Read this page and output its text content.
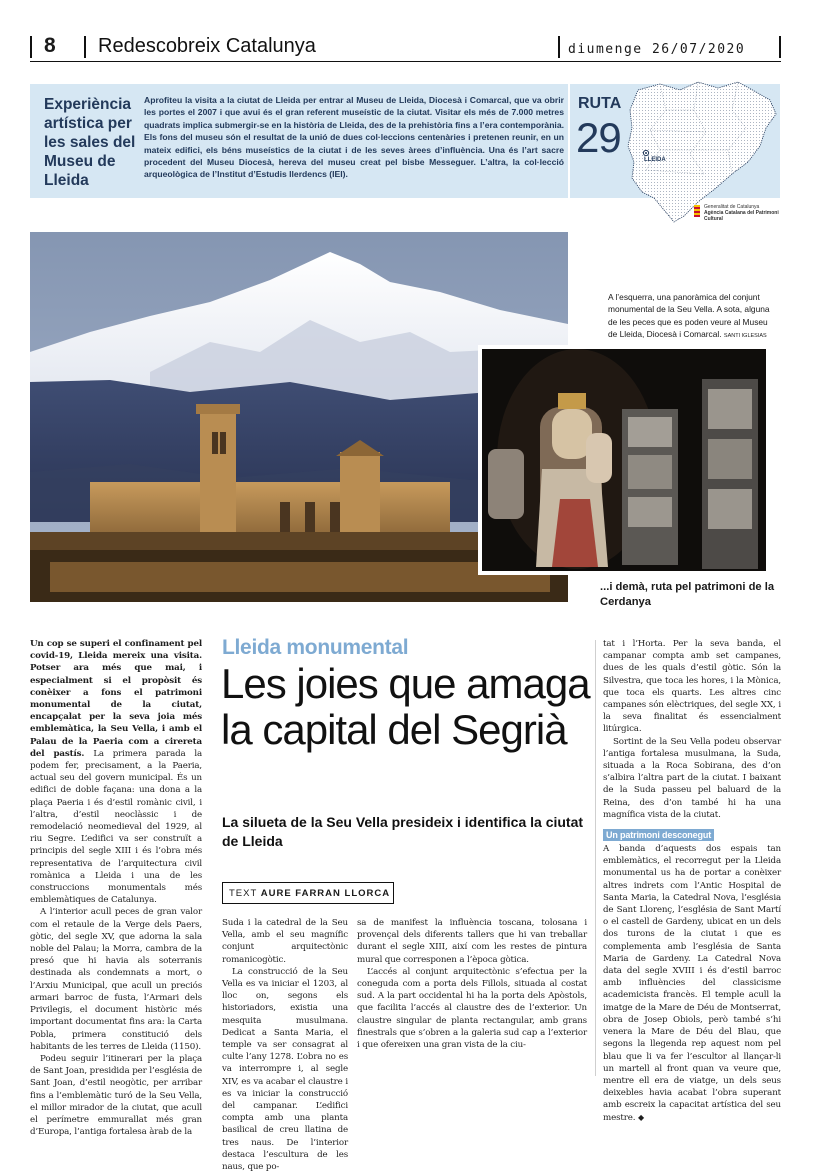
8 Redescobreix Catalunya	diumenge 26/07/2020
Experiència artística per les sales del Museu de Lleida
Aprofiteu la visita a la ciutat de Lleida per entrar al Museu de Lleida, Diocesà i Comarcal, que va obrir les portes el 2007 i que avui és el gran referent museístic de la ciutat. Visitar els més de 7.000 metres quadrats implica submergir-se en la història de Lleida, des de la prehistòria fins a l’era contemporània. Els fons del museu són el resultat de la unió de dues col·leccions centenàries i pretenen reunir, en un mateix edifici, els béns museístics de la ciutat i de les seves àrees d’influència. Una és l’art sacre procedent del Museu Diocesà, hereva del museu creat pel bisbe Messeguer. L’altra, la col·lecció arqueològica de l’Institut d’Estudis Ilerdencs (IEI).
RUTA
29	LLEIDA
Generalitat de Catalunya
Agència Catalana del Patrimoni Cultural
A l’esquerra, una panoràmica del conjunt monumental de la Seu Vella. A sota, alguna de les peces que es poden veure al Museu de Lleida, Diocesà i Comarcal. SANTI IGLESIAS
...i demà, ruta pel patrimoni de la Cerdanya

Un cop se superi el confinament pel covid-19, Lleida mereix una visita. Potser ara més que mai, i especialment si el propòsit és conèixer a fons el patrimoni monumental de la ciutat, encapçalat per la seva joia més emblemàtica, la Seu Vella, i amb el Palau de la Paeria com a cirereta del pastís. La primera parada la podem fer, precisament, a la Paeria, actual seu del govern municipal. És un edifici de doble façana: una dona a la plaça Paeria i és d’estil romànic civil, i l’altra, d’estil neoclàssic i de remodelació neomedieval del 1929, al riu Segre. L’edifici va ser construït a principis del segle XIII i és l’obra més representativa de l’arquitectura civil romànica a Lleida i una de les construccions monumentals més emblemàtiques de Catalunya.

A l’interior acull peces de gran valor com el retaule de la Verge dels Paers, gòtic, del segle XV, que adorna la sala noble del Palau; la Morra, cambra de la presó que hi havia als soterranis destinada als condemnats a mort, o l’Arxiu Municipal, que acull un preciós armari barroc de fusta, l’Armari dels Privilegis, el document històric més important documentat fins ara: la Carta Pobla, primera constitució dels habitants de les terres de Lleida (1150).

Podeu seguir l’itinerari per la plaça de Sant Joan, presidida per l’església de Sant Joan, d’estil neogòtic, per arribar fins a l’emblemàtic turó de la Seu Vella, el millor mirador de la ciutat, que acull el perímetre emmurallat més gran d’Europa, l’antiga fortalesa àrab de la

Lleida monumental
Les joies que amaga la capital del Segrià
La silueta de la Seu Vella presideix i identifica la ciutat de Lleida
TEXT AURE FARRAN LLORCA

Suda i la catedral de la Seu Vella, amb el seu magnífic conjunt arquitectònic romanicogòtic.

La construcció de la Seu Vella es va iniciar el 1203, al lloc on, segons els historiadors, existia una mesquita musulmana. Dedicat a Santa Maria, el temple va ser consagrat al culte l’any 1278. L’obra no es va interrompre i, al segle XIV, es va acabar el claustre i es va iniciar la construcció del campanar. L’edifici compta amb una planta basilical de creu llatina de tres naus. De l’interior destaca l’escultura de les naus, que po-

sa de manifest la influència toscana, tolosana i provençal dels diferents tallers que hi van treballar durant el segle XIII, així com les restes de pintura mural que corresponen a l’època gòtica.

L’accés al conjunt arquitectònic s’efectua per la coneguda com a porta dels Fillols, situada al costat sud. A la part occidental hi ha la porta dels Apòstols, que facilita l’accés al claustre des de l’exterior. Un claustre singular de planta rectangular, amb grans finestrals que s’obren a la galeria sud cap a l’exterior i que ofereixen una gran vista de la ciu-

tat i l’Horta. Per la seva banda, el campanar compta amb set campanes, dues de les quals d’estil gòtic. Són la Silvestra, que toca les hores, i la Mònica, que toca els quarts. Les altres cinc campanes són elèctriques, del segle XX, i la seva finalitat és essencialment litúrgica.

Sortint de la Seu Vella podeu observar l’antiga fortalesa musulmana, la Suda, situada a la Roca Sobirana, des d’on s’albira l’altra part de la ciutat. I baixant de la Suda passeu pel baluard de la Reina, des d’on també hi ha una magnífica vista de la ciutat.

Un patrimoni desconegut

A banda d’aquests dos espais tan emblemàtics, el recorregut per la Lleida monumental us ha de portar a conèixer altres indrets com l’Antic Hospital de Santa Maria, la Catedral Nova, l’església de Sant Llorenç, l’església de Sant Martí o el castell de Gardeny, ubicat en un dels dos turons de la ciutat i que es complementa amb l’església de Santa Maria de Gardeny. La Catedral Nova data del segle XVIII i és d’estil barroc amb influències del classicisme academicista francès. El temple acull la imatge de la Mare de Déu de Montserrat, obra de Josep Obiols, però també s’hi venera la Mare de Déu del Blau, que segons la llegenda rep aquest nom pel blau que li va fer l’escultor al llançar-li un martell al front quan va veure que, mentre ell era de viatge, un dels seus deixebles havia acabat l’obra superant amb escreix la capacitat artística del seu mestre. ◆
